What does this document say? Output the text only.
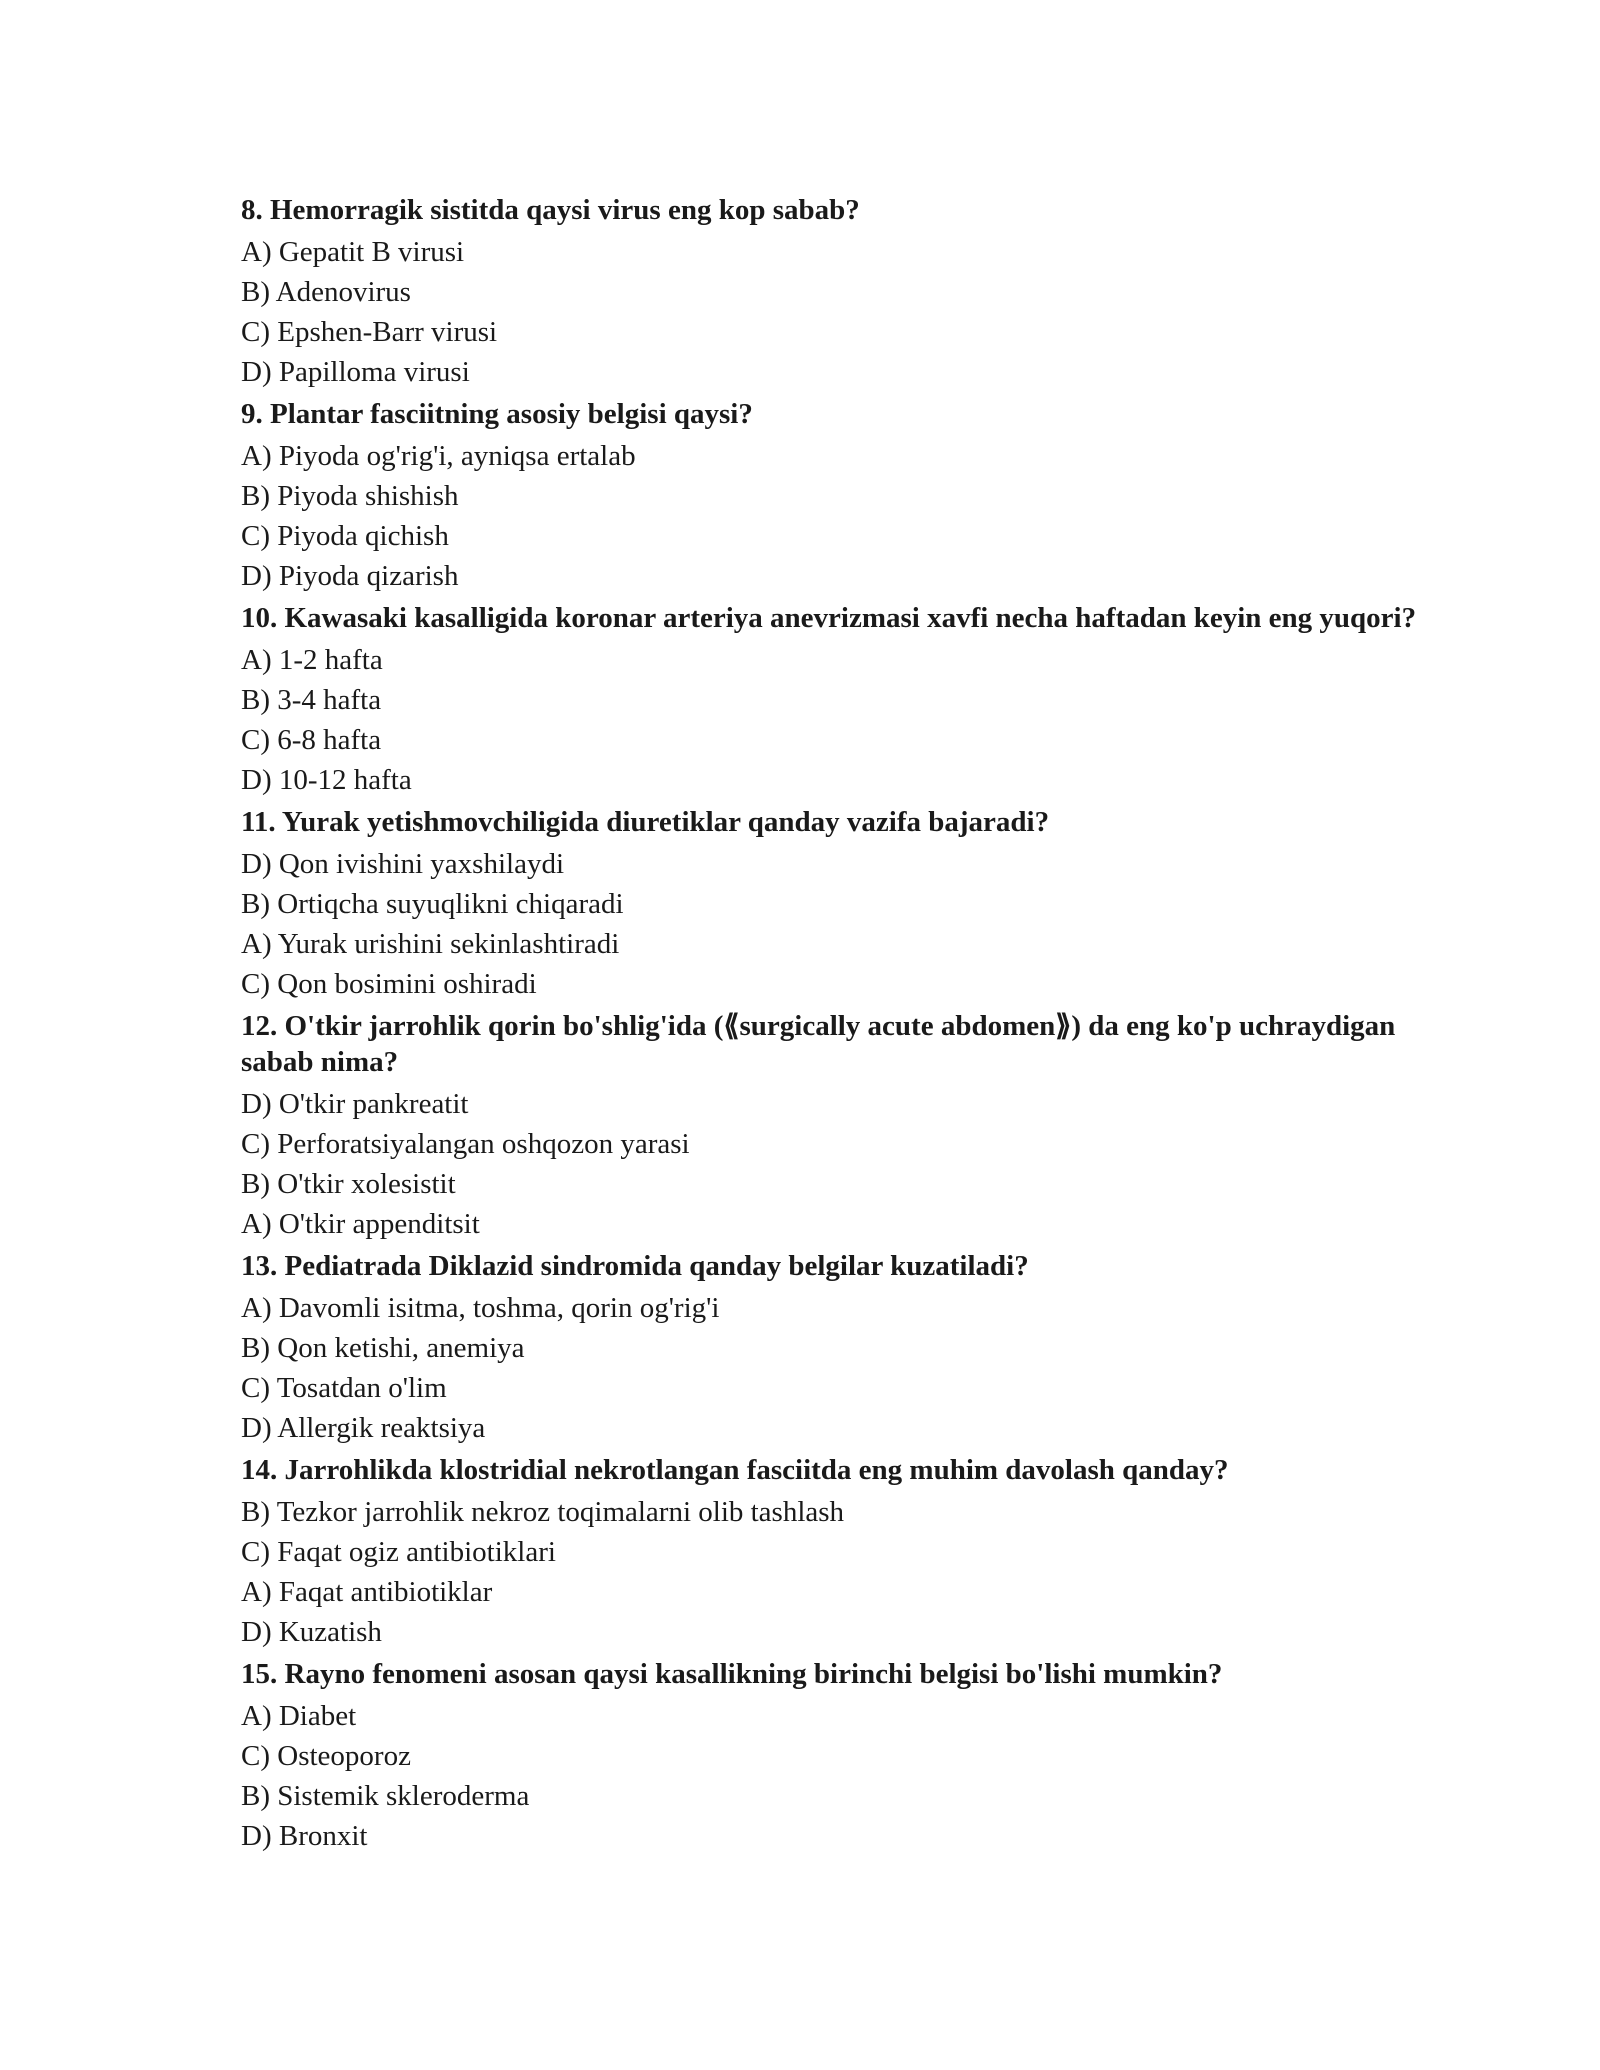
8. Hemorragik sistitda qaysi virus eng kop sabab?
A) Gepatit B virusi
B) Adenovirus
C) Epshen-Barr virusi
D) Papilloma virusi
9. Plantar fasciitning asosiy belgisi qaysi?
A) Piyoda og'rig'i, ayniqsa ertalab
B) Piyoda shishish
C) Piyoda qichish
D) Piyoda qizarish
10. Kawasaki kasalligida koronar arteriya anevrizmasi xavfi necha haftadan keyin eng yuqori?
A) 1-2 hafta
B) 3-4 hafta
C) 6-8 hafta
D) 10-12 hafta
11. Yurak yetishmovchiligida diuretiklar qanday vazifa bajaradi?
D) Qon ivishini yaxshilaydi
B) Ortiqcha suyuqlikni chiqaradi
A) Yurak urishini sekinlashtiradi
C) Qon bosimini oshiradi
12. O'tkir jarrohlik qorin bo'shlig'ida (⟪surgically acute abdomen⟫) da eng ko'p uchraydigan sabab nima?
D) O'tkir pankreatit
C) Perforatsiyalangan oshqozon yarasi
B) O'tkir xolesistit
A) O'tkir appenditsit
13. Pediatrada Diklazid sindromida qanday belgilar kuzatiladi?
A) Davomli isitma, toshma, qorin og'rig'i
B) Qon ketishi, anemiya
C) Tosatdan o'lim
D) Allergik reaktsiya
14. Jarrohlikda klostridial nekrotlangan fasciitda eng muhim davolash qanday?
B) Tezkor jarrohlik nekroz toqimalarni olib tashlash
C) Faqat ogiz antibiotiklari
A) Faqat antibiotiklar
D) Kuzatish
15. Rayno fenomeni asosan qaysi kasallikning birinchi belgisi bo'lishi mumkin?
A) Diabet
C) Osteoporoz
B) Sistemik skleroderma
D) Bronxit
